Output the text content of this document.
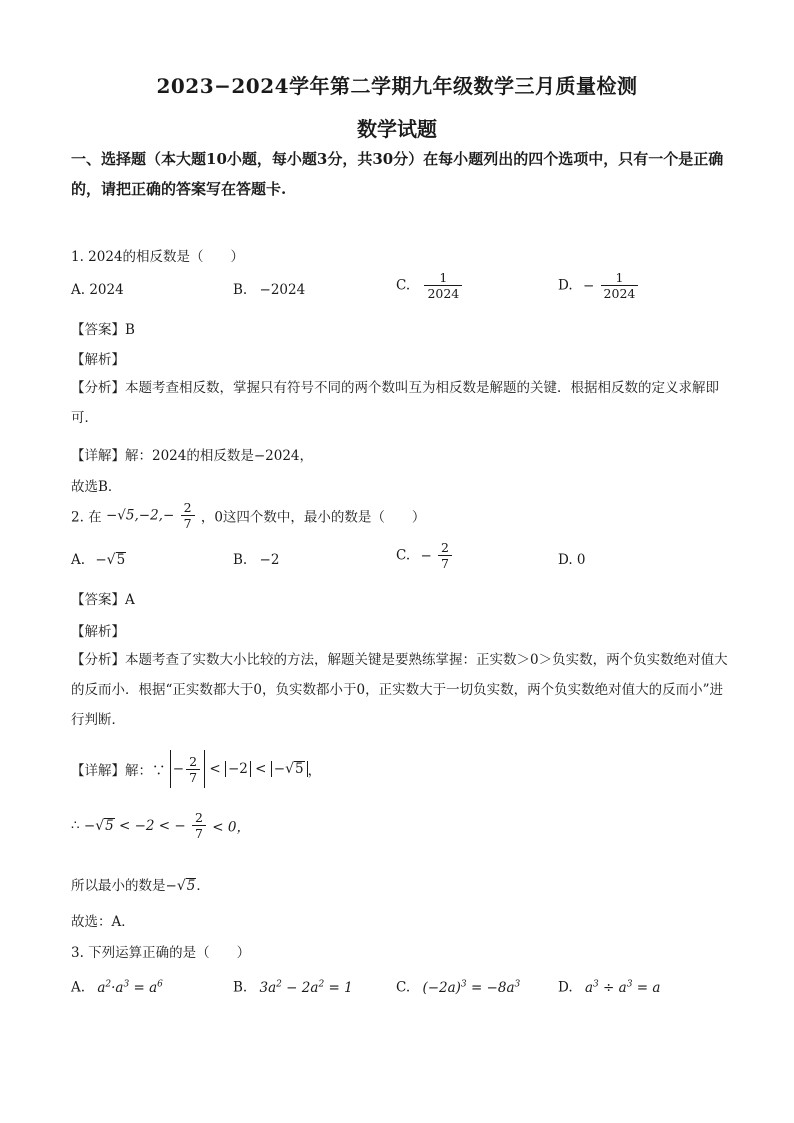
2023−2024学年第二学期九年级数学三月质量检测
数学试题
一、选择题（本大题10小题，每小题3分，共30分）在每小题列出的四个选项中，只有一个是正确的，请把正确的答案写在答题卡.
1. 2024的相反数是（　　）
A. 2024	B. −2024	C. $\frac{1}{2024}$	D. − $\frac{1}{2024}$
【答案】B
【解析】
【分析】本题考查相反数，掌握只有符号不同的两个数叫互为相反数是解题的关键．根据相反数的定义求解即可．
【详解】解：2024的相反数是−2024，
故选B．
2. 在 $-√5,-2,- \frac{2}{7}$ ，0这四个数中，最小的数是（　　）
A. −√5	B. −2	C. − $\frac{2}{7}$	D. 0
【答案】A
【解析】
【分析】本题考查了实数大小比较的方法，解题关键是要熟练掌握：正实数＞0＞负实数，两个负实数绝对值大的反而小．根据“正实数都大于0，负实数都小于0，正实数大于一切负实数，两个负实数绝对值大的反而小”进行判断．
【详解】解：∵ − $\frac{2}{7} < -2 < -√5$ ，
∴ −√5 < −2 < − $\frac{2}{7} < 0$，
所以最小的数是−√5．
故选：A．
3. 下列运算正确的是（　　）
A. $a^2\cdot a^3 = a^6$	B. $3a^2 - 2a^2 = 1$	C. $(-2a)^3 = -8a^3$	D. $a^3 \div a^3 = a$
